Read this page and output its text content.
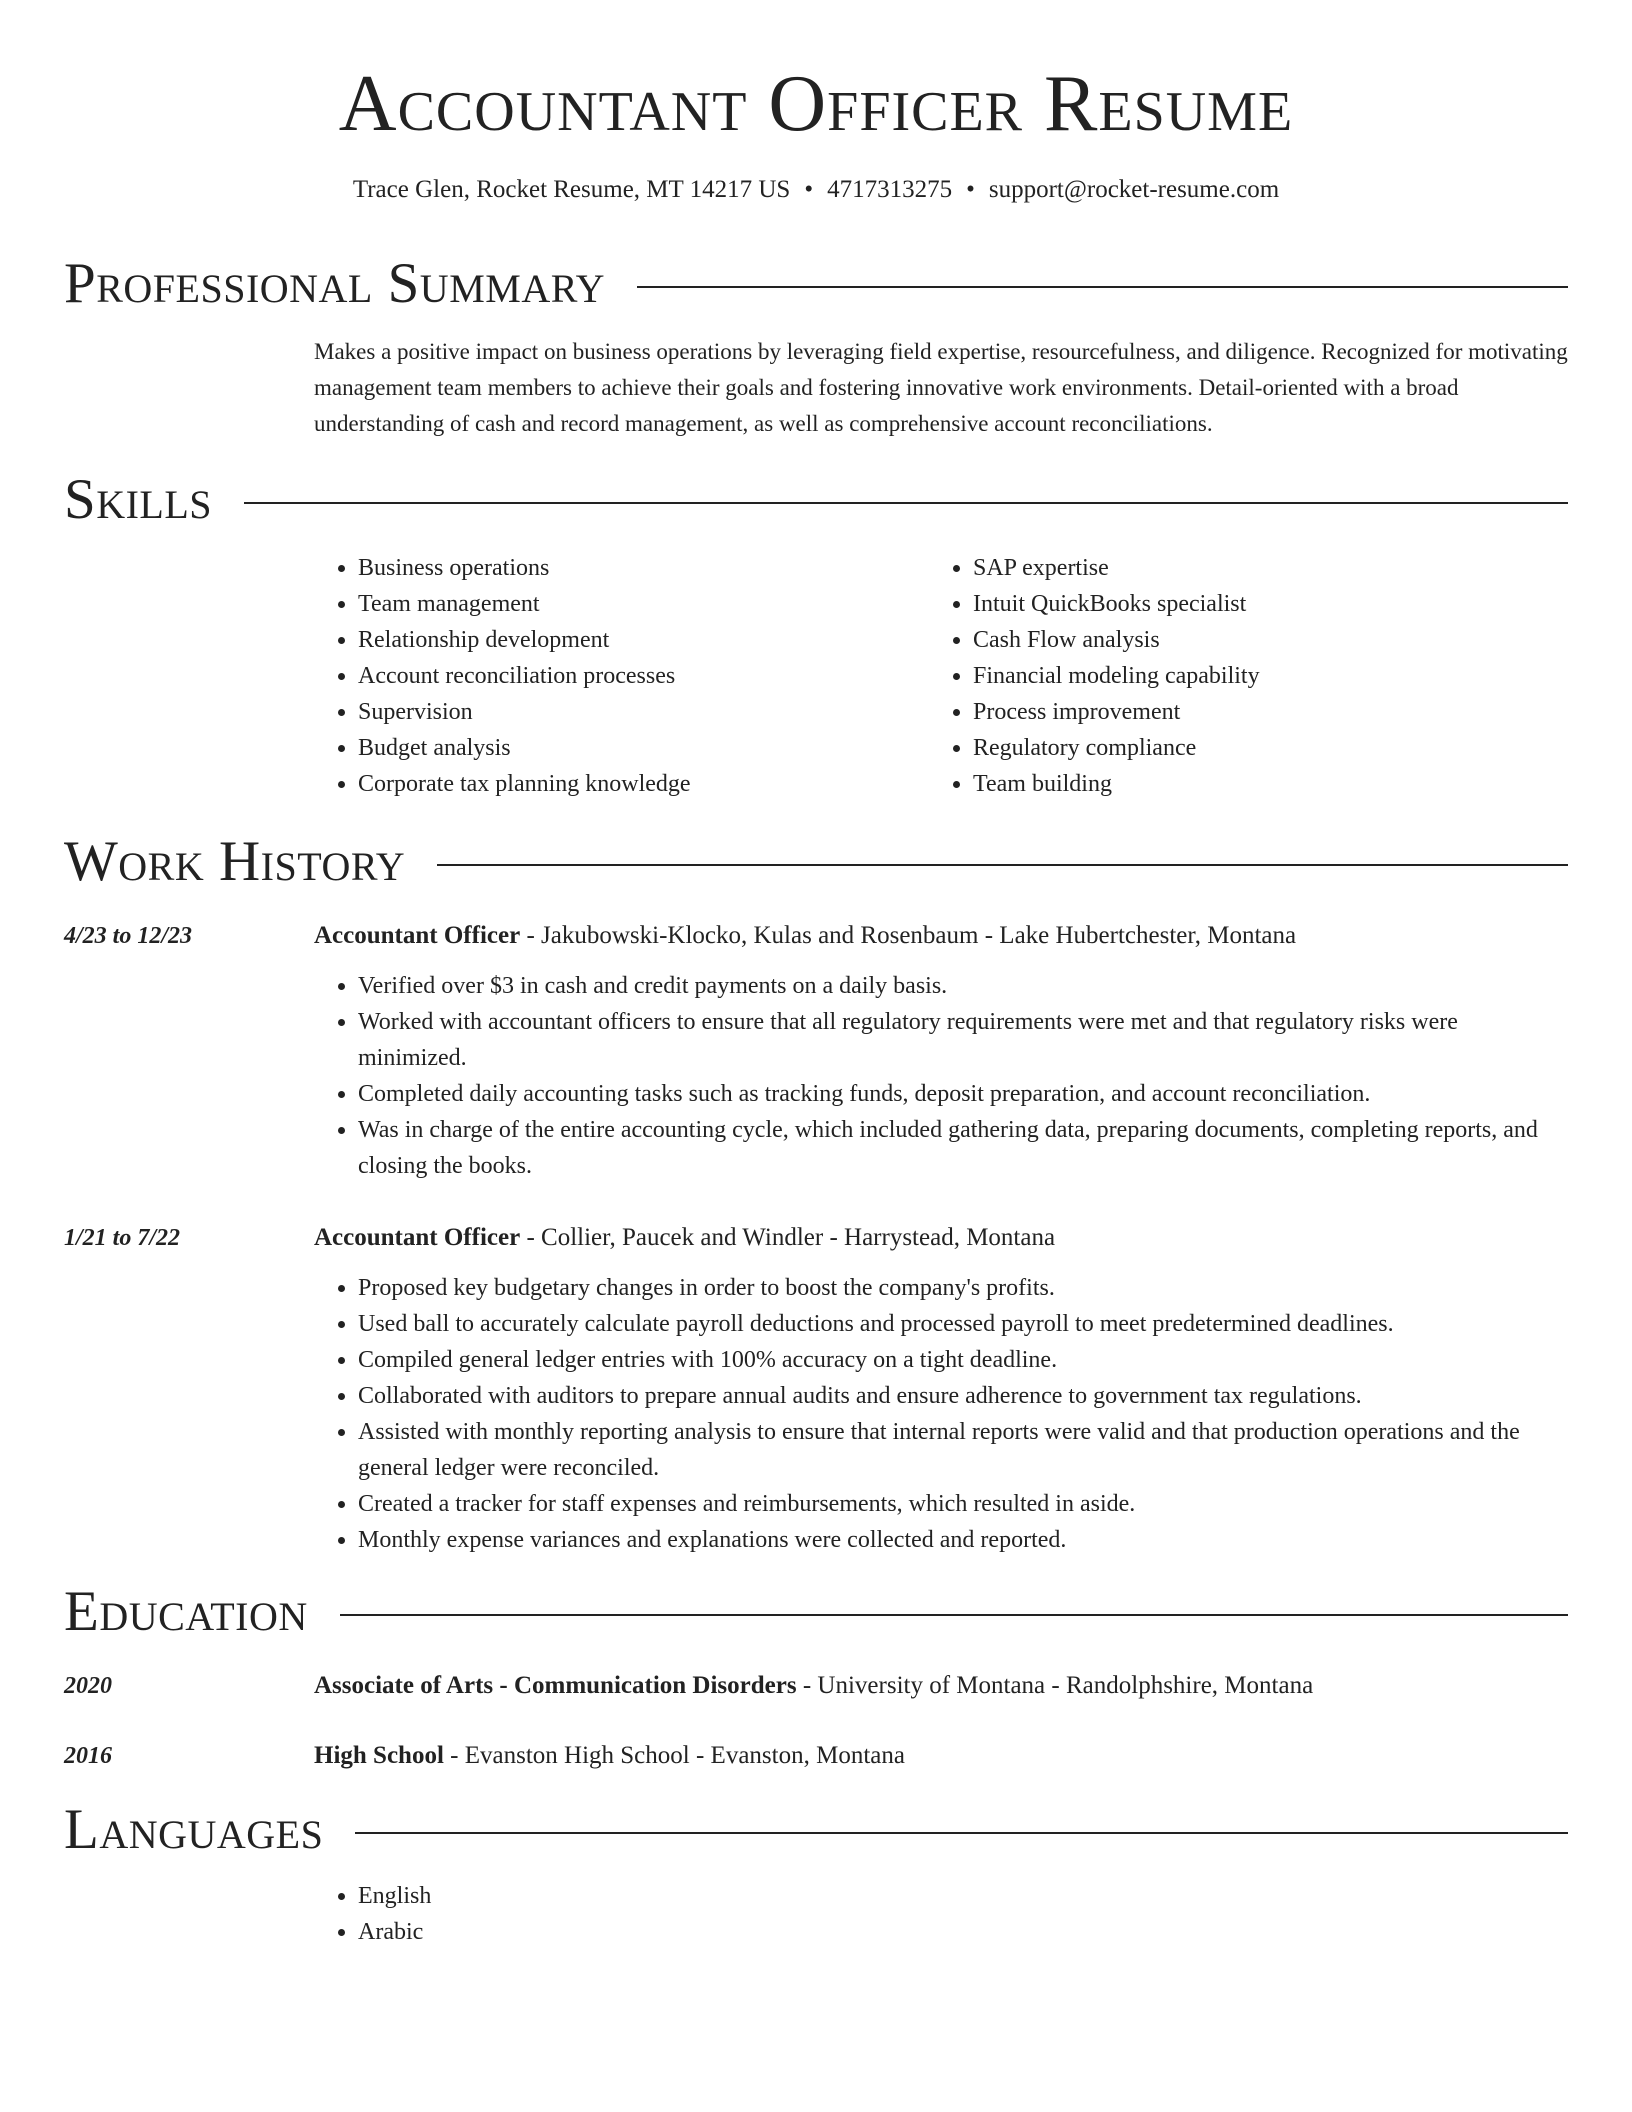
Accountant Officer Resume
Trace Glen, Rocket Resume, MT 14217 US • 4717313275 • support@rocket-resume.com
Professional Summary

Makes a positive impact on business operations by leveraging field expertise, resourcefulness, and diligence. Recognized for motivating management team members to achieve their goals and fostering innovative work environments. Detail-oriented with a broad understanding of cash and record management, as well as comprehensive account reconciliations.

Skills
• Business operations
• Team management
• Relationship development
• Account reconciliation processes
• Supervision
• Budget analysis
• Corporate tax planning knowledge
• SAP expertise
• Intuit QuickBooks specialist
• Cash Flow analysis
• Financial modeling capability
• Process improvement
• Regulatory compliance
• Team building
Work History
4/23 to 12/23	Accountant Officer - Jakubowski-Klocko, Kulas and Rosenbaum - Lake Hubertchester, Montana

• Verified over $3 in cash and credit payments on a daily basis.
• Worked with accountant officers to ensure that all regulatory requirements were met and that regulatory risks were minimized.
• Completed daily accounting tasks such as tracking funds, deposit preparation, and account reconciliation.
• Was in charge of the entire accounting cycle, which included gathering data, preparing documents, completing reports, and closing the books.
1/21 to 7/22	Accountant Officer - Collier, Paucek and Windler - Harrystead, Montana

• Proposed key budgetary changes in order to boost the company's profits.
• Used ball to accurately calculate payroll deductions and processed payroll to meet predetermined deadlines.
• Compiled general ledger entries with 100% accuracy on a tight deadline.
• Collaborated with auditors to prepare annual audits and ensure adherence to government tax regulations.
• Assisted with monthly reporting analysis to ensure that internal reports were valid and that production operations and the general ledger were reconciled.
• Created a tracker for staff expenses and reimbursements, which resulted in aside.
• Monthly expense variances and explanations were collected and reported.
Education
2020	Associate of Arts - Communication Disorders - University of Montana - Randolphshire, Montana

2016	High School - Evanston High School - Evanston, Montana

Languages
• English
• Arabic
